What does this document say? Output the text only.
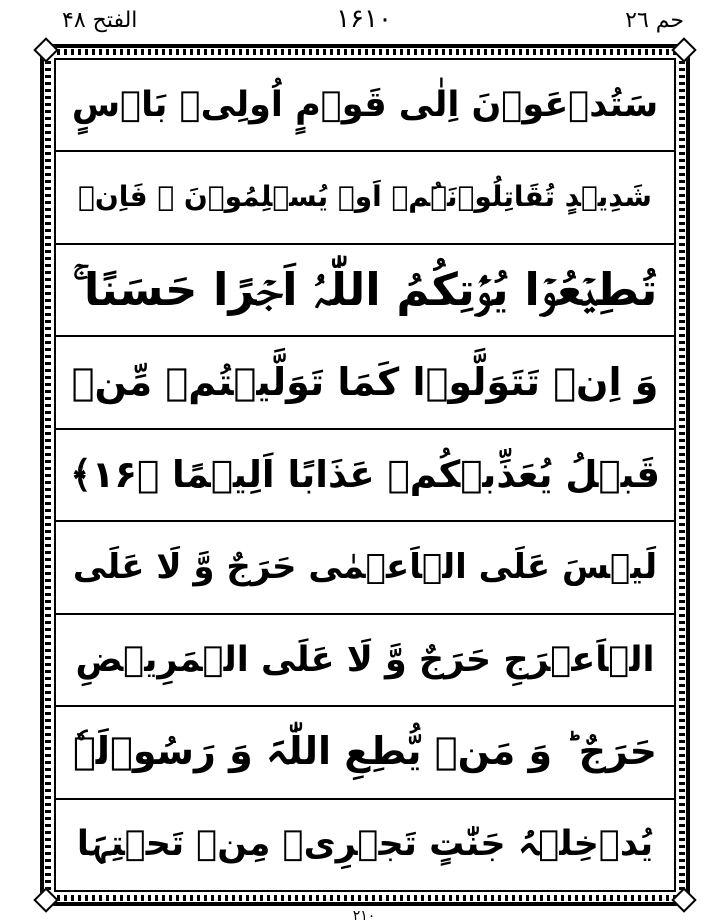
الفتح ۴۸	۱۶۱۰	حم ۲٦
سَتُدۡعَوۡنَ اِلٰی قَوۡمٍ اُولِیۡ بَاۡسٍ
شَدِیۡدٍ تُقَاتِلُوۡنَہُمۡ اَوۡ یُسۡلِمُوۡنَ ۚ فَاِنۡ
تُطِیۡعُوۡا یُؤۡتِکُمُ اللّٰہُ اَجۡرًا حَسَنًا ۚ
وَ اِنۡ تَتَوَلَّوۡا کَمَا تَوَلَّیۡتُمۡ مِّنۡ
قَبۡلُ یُعَذِّبۡکُمۡ عَذَابًا اَلِیۡمًا ﴿۱۶﴾
لَیۡسَ عَلَی الۡاَعۡمٰی حَرَجٌ وَّ لَا عَلَی
الۡاَعۡرَجِ حَرَجٌ وَّ لَا عَلَی الۡمَرِیۡضِ
حَرَجٌ ؕ وَ مَنۡ یُّطِعِ اللّٰہَ وَ رَسُوۡلَہٗ
یُدۡخِلۡہُ جَنّٰتٍ تَجۡرِیۡ مِنۡ تَحۡتِہَا
۲۱۰
